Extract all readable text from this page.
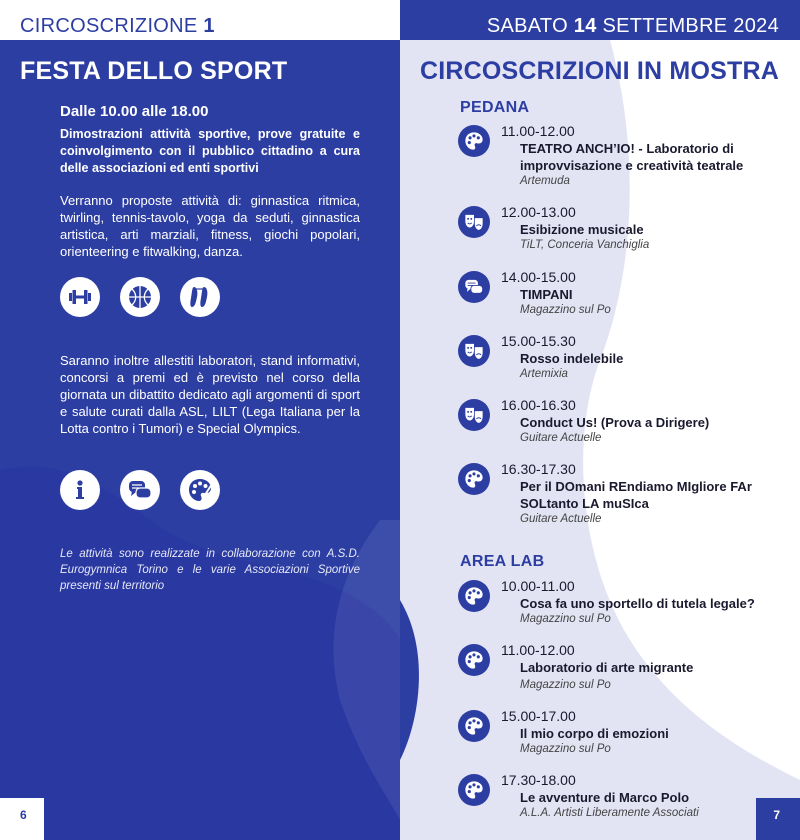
CIRCOSCRIZIONE 1
FESTA DELLO SPORT
Dalle 10.00 alle 18.00
Dimostrazioni attività sportive, prove gratuite e coinvolgimento con il pubblico cittadino a cura delle associazioni ed enti sportivi
Verranno proposte attività di: ginnastica ritmica, twirling, tennis-tavolo, yoga da seduti, ginnastica artistica, arti marziali, fitness, giochi popolari, orienteering e fitwalking, danza.
Saranno inoltre allestiti laboratori, stand informativi, concorsi a premi ed è previsto nel corso della giornata un dibattito dedicato agli argomenti di sport e salute curati dalla ASL, LILT (Lega Italiana per la Lotta contro i Tumori) e Special Olympics.
Le attività sono realizzate in collaborazione con A.S.D. Eurogymnica Torino e le varie Associazioni Sportive presenti sul territorio
6
SABATO 14 SETTEMBRE 2024
CIRCOSCRIZIONI IN MOSTRA
PEDANA
11.00-12.00
TEATRO ANCH’IO! - Laboratorio di improvvisazione e creatività teatrale
Artemuda
12.00-13.00
Esibizione musicale
TiLT, Conceria Vanchiglia
14.00-15.00
TIMPANI
Magazzino sul Po
15.00-15.30
Rosso indelebile
Artemixia
16.00-16.30
Conduct Us! (Prova a Dirigere)
Guitare Actuelle
16.30-17.30
Per il DOmani REndiamo MIgliore FAr SOLtanto LA muSIca
Guitare Actuelle
AREA LAB
10.00-11.00
Cosa fa uno sportello di tutela legale?
Magazzino sul Po
11.00-12.00
Laboratorio di arte migrante
Magazzino sul Po
15.00-17.00
Il mio corpo di emozioni
Magazzino sul Po
17.30-18.00
Le avventure di Marco Polo
A.L.A. Artisti Liberamente Associati	7
